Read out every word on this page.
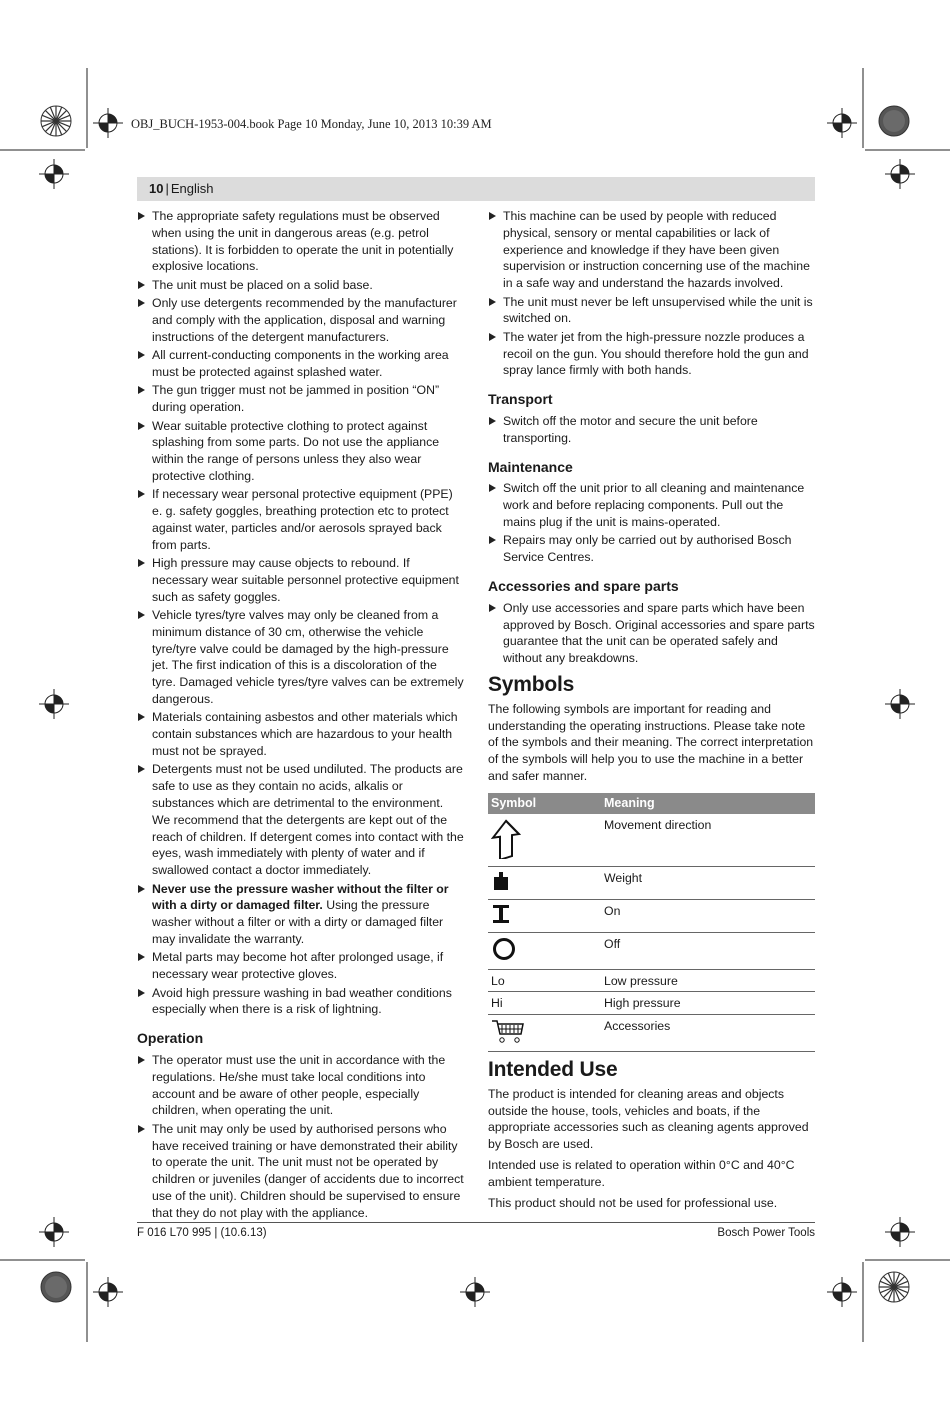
OBJ_BUCH-1953-004.book Page 10 Monday, June 10, 2013 10:39 AM
10 | English
The appropriate safety regulations must be observed when using the unit in dangerous areas (e.g. petrol stations). It is forbidden to operate the unit in potentially explosive locations.
The unit must be placed on a solid base.
Only use detergents recommended by the manufacturer and comply with the application, disposal and warning instructions of the detergent manufacturers.
All current-conducting components in the working area must be protected against splashed water.
The gun trigger must not be jammed in position “ON” during operation.
Wear suitable protective clothing to protect against splashing from some parts. Do not use the appliance within the range of persons unless they also wear protective clothing.
If necessary wear personal protective equipment (PPE) e. g. safety goggles, breathing protection etc to protect against water, particles and/or aerosols sprayed back from parts.
High pressure may cause objects to rebound. If necessary wear suitable personnel protective equipment such as safety goggles.
Vehicle tyres/tyre valves may only be cleaned from a minimum distance of 30 cm, otherwise the vehicle tyre/tyre valve could be damaged by the high-pressure jet. The first indication of this is a discoloration of the tyre. Damaged vehicle tyres/tyre valves can be extremely dangerous.
Materials containing asbestos and other materials which contain substances which are hazardous to your health must not be sprayed.
Detergents must not be used undiluted. The products are safe to use as they contain no acids, alkalis or substances which are detrimental to the environment. We recommend that the detergents are kept out of the reach of children. If detergent comes into contact with the eyes, wash immediately with plenty of water and if swallowed contact a doctor immediately.
Never use the pressure washer without the filter or with a dirty or damaged filter. Using the pressure washer without a filter or with a dirty or damaged filter may invalidate the warranty.
Metal parts may become hot after prolonged usage, if necessary wear protective gloves.
Avoid high pressure washing in bad weather conditions especially when there is a risk of lightning.
Operation
The operator must use the unit in accordance with the regulations. He/she must take local conditions into account and be aware of other people, especially children, when operating the unit.
The unit may only be used by authorised persons who have received training or have demonstrated their ability to operate the unit. The unit must not be operated by children or juveniles (danger of accidents due to incorrect use of the unit). Children should be supervised to ensure that they do not play with the appliance.
This machine can be used by people with reduced physical, sensory or mental capabilities or lack of experience and knowledge if they have been given supervision or instruction concerning use of the machine in a safe way and understand the hazards involved.
The unit must never be left unsupervised while the unit is switched on.
The water jet from the high-pressure nozzle produces a recoil on the gun. You should therefore hold the gun and spray lance firmly with both hands.
Transport
Switch off the motor and secure the unit before transporting.
Maintenance
Switch off the unit prior to all cleaning and maintenance work and before replacing components. Pull out the mains plug if the unit is mains-operated.
Repairs may only be carried out by authorised Bosch Service Centres.
Accessories and spare parts
Only use accessories and spare parts which have been approved by Bosch. Original accessories and spare parts guarantee that the unit can be operated safely and without any breakdowns.
Symbols

The following symbols are important for reading and understanding the operating instructions. Please take note of the symbols and their meaning. The correct interpretation of the symbols will help you to use the machine in a better and safer manner.

Symbol	Meaning
	Movement direction
	Weight
	On
	Off
Lo	Low pressure
Hi	High pressure
	Accessories
Intended Use

The product is intended for cleaning areas and objects outside the house, tools, vehicles and boats, if the appropriate accessories such as cleaning agents approved by Bosch are used.

Intended use is related to operation within 0°C and 40°C ambient temperature.

This product should not be used for professional use.

F 016 L70 995 | (10.6.13)	Bosch Power Tools
